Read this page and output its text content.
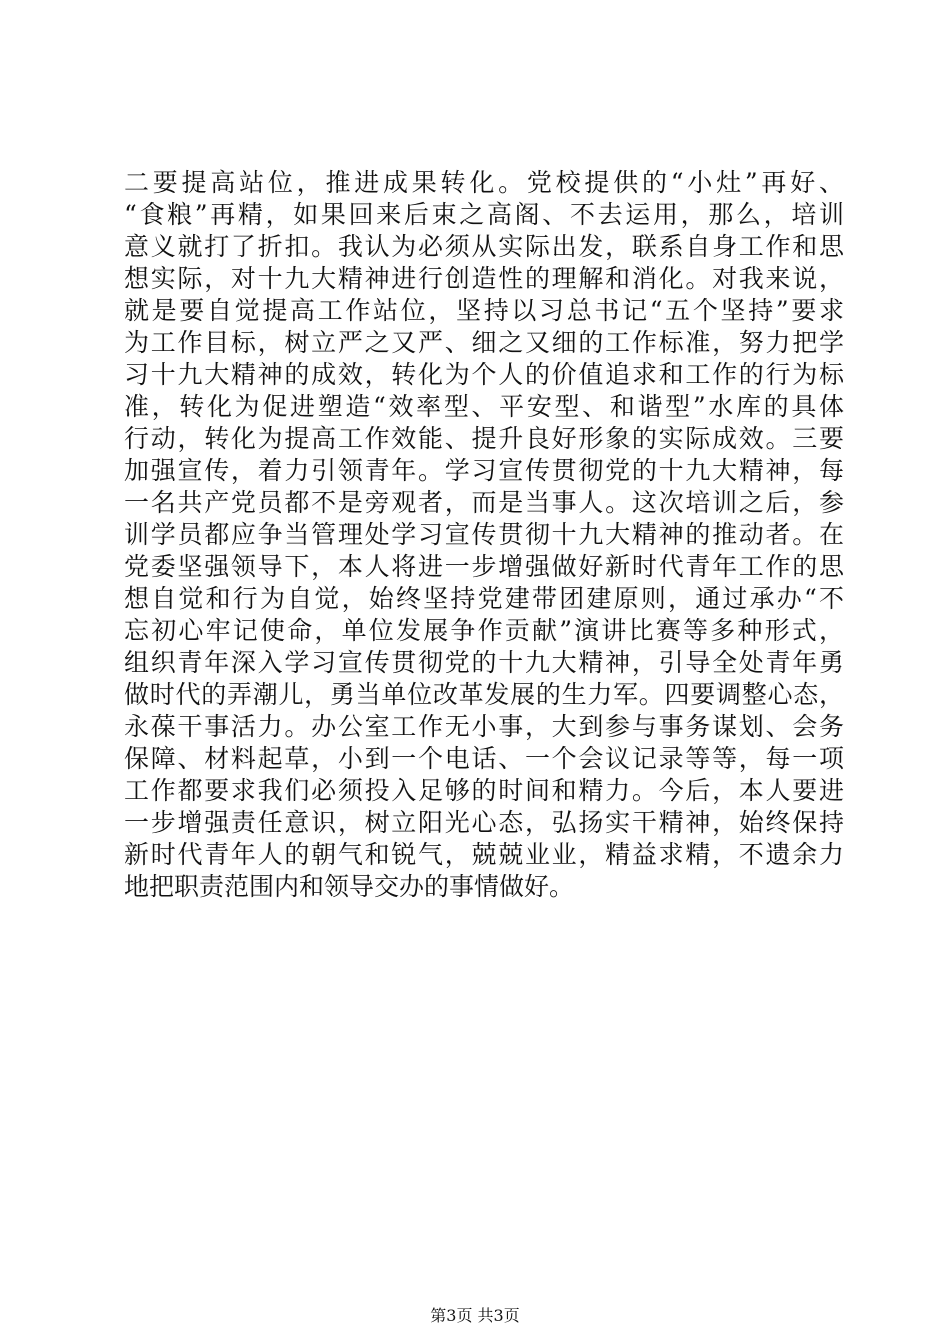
二要提高站位，推进成果转化。党校提供的“小灶”再好、
“食粮”再精，如果回来后束之高阁、不去运用，那么，培训
意义就打了折扣。我认为必须从实际出发，联系自身工作和思
想实际，对十九大精神进行创造性的理解和消化。对我来说，
就是要自觉提高工作站位，坚持以习总书记“五个坚持”要求
为工作目标，树立严之又严、细之又细的工作标准，努力把学
习十九大精神的成效，转化为个人的价值追求和工作的行为标
准，转化为促进塑造“效率型、平安型、和谐型”水库的具体
行动，转化为提高工作效能、提升良好形象的实际成效。三要
加强宣传，着力引领青年。学习宣传贯彻党的十九大精神，每
一名共产党员都不是旁观者，而是当事人。这次培训之后，参
训学员都应争当管理处学习宣传贯彻十九大精神的推动者。在
党委坚强领导下，本人将进一步增强做好新时代青年工作的思
想自觉和行为自觉，始终坚持党建带团建原则，通过承办“不
忘初心牢记使命，单位发展争作贡献”演讲比赛等多种形式，
组织青年深入学习宣传贯彻党的十九大精神，引导全处青年勇
做时代的弄潮儿，勇当单位改革发展的生力军。四要调整心态，
永葆干事活力。办公室工作无小事，大到参与事务谋划、会务
保障、材料起草，小到一个电话、一个会议记录等等，每一项
工作都要求我们必须投入足够的时间和精力。今后，本人要进
一步增强责任意识，树立阳光心态，弘扬实干精神，始终保持
新时代青年人的朝气和锐气，兢兢业业，精益求精，不遗余力
地把职责范围内和领导交办的事情做好。
第3页 共3页
